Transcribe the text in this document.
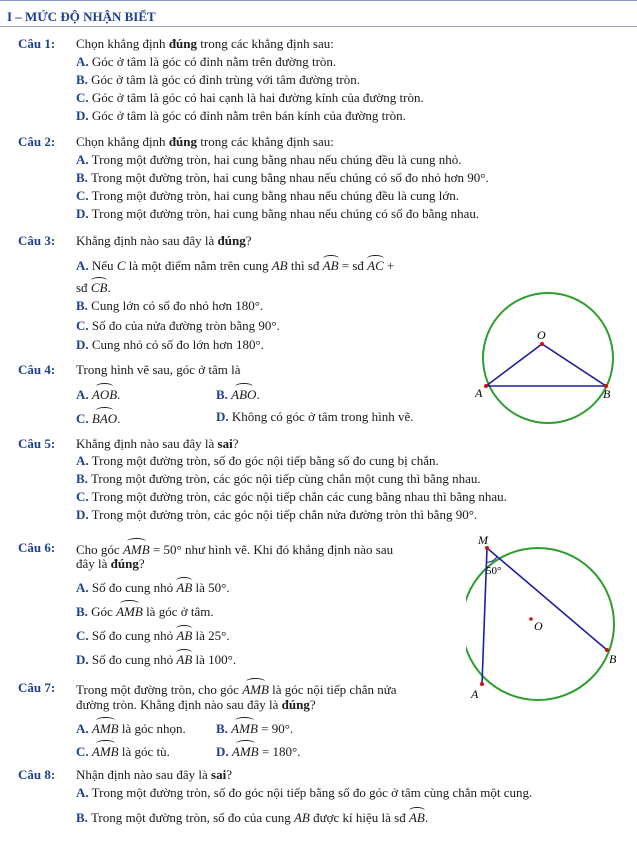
I – MỨC ĐỘ NHẬN BIẾT
Câu 1: Chọn khẳng định đúng trong các khẳng định sau:
A. Góc ở tâm là góc có đỉnh nằm trên đường tròn.
B. Góc ở tâm là góc có đỉnh trùng với tâm đường tròn.
C. Góc ở tâm là góc có hai cạnh là hai đường kính của đường tròn.
D. Góc ở tâm là góc có đỉnh nằm trên bán kính của đường tròn.
Câu 2: Chọn khẳng định đúng trong các khẳng định sau:
A. Trong một đường tròn, hai cung bằng nhau nếu chúng đều là cung nhỏ.
B. Trong một đường tròn, hai cung bằng nhau nếu chúng có số đo nhỏ hơn 90°.
C. Trong một đường tròn, hai cung bằng nhau nếu chúng đều là cung lớn.
D. Trong một đường tròn, hai cung bằng nhau nếu chúng có số đo bằng nhau.
Câu 3: Khẳng định nào sau đây là đúng?
A. Nếu C là một điểm nằm trên cung AB thì sđ AB = sđ AC +
sđ CB.
B. Cung lớn có số đo nhỏ hơn 180°.
C. Số đo của nửa đường tròn bằng 90°.
D. Cung nhỏ có số đo lớn hơn 180°.
Câu 4: Trong hình vẽ sau, góc ở tâm là
A. AOB.	B. ABO.
C. BAO.	D. Không có góc ở tâm trong hình vẽ.
O
A	B
Câu 5: Khẳng định nào sau đây là sai?
A. Trong một đường tròn, số đo góc nội tiếp bằng số đo cung bị chắn.
B. Trong một đường tròn, các góc nội tiếp cùng chắn một cung thì bằng nhau.
C. Trong một đường tròn, các góc nội tiếp chắn các cung bằng nhau thì bằng nhau.
D. Trong một đường tròn, các góc nội tiếp chắn nửa đường tròn thì bằng 90°.
Câu 6: Cho góc AMB = 50° như hình vẽ. Khi đó khẳng định nào sau
đây là đúng?
A. Số đo cung nhỏ AB là 50°.
B. Góc AMB là góc ở tâm.
C. Số đo cung nhỏ AB là 25°.
D. Số đo cung nhỏ AB là 100°.
Câu 7: Trong một đường tròn, cho góc AMB là góc nội tiếp chắn nửa
đường tròn. Khẳng định nào sau đây là đúng?
A. AMB là góc nhọn. B. AMB = 90°.
C. AMB là góc tù.	D. AMB = 180°.
M
50°
O
B
A
Câu 8: Nhận định nào sau đây là sai?
A. Trong một đường tròn, số đo góc nội tiếp bằng số đo góc ở tâm cùng chắn một cung.
B. Trong một đường tròn, số đo của cung AB được kí hiệu là sđ AB.
